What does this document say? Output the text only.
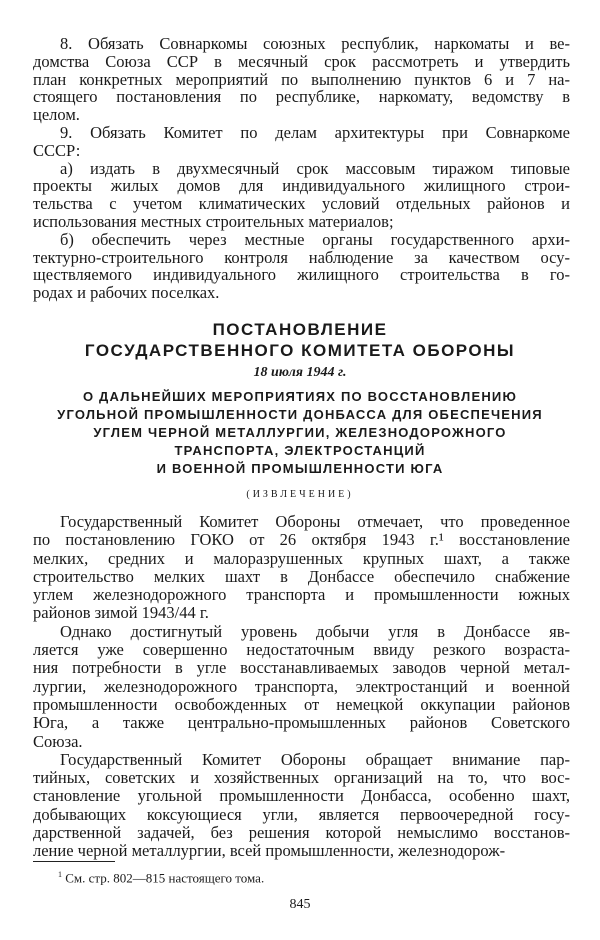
8. Обязать Совнаркомы союзных республик, наркоматы и ве-
домства Союза ССР в месячный срок рассмотреть и утвердить
план конкретных мероприятий по выполнению пунктов 6 и 7 на-
стоящего постановления по республике, наркомату, ведомству в
целом.
9. Обязать Комитет по делам архитектуры при Совнаркоме
СССР:
а) издать в двухмесячный срок массовым тиражом типовые
проекты жилых домов для индивидуального жилищного строи-
тельства с учетом климатических условий отдельных районов и
использования местных строительных материалов;
б) обеспечить через местные органы государственного архи-
тектурно-строительного контроля наблюдение за качеством осу-
ществляемого индивидуального жилищного строительства в го-
родах и рабочих поселках.
ПОСТАНОВЛЕНИЕ
ГОСУДАРСТВЕННОГО КОМИТЕТА ОБОРОНЫ
18 июля 1944 г.
О ДАЛЬНЕЙШИХ МЕРОПРИЯТИЯХ ПО ВОССТАНОВЛЕНИЮ
УГОЛЬНОЙ ПРОМЫШЛЕННОСТИ ДОНБАССА ДЛЯ ОБЕСПЕЧЕНИЯ
УГЛЕМ ЧЕРНОЙ МЕТАЛЛУРГИИ, ЖЕЛЕЗНОДОРОЖНОГО
ТРАНСПОРТА, ЭЛЕКТРОСТАНЦИЙ
И ВОЕННОЙ ПРОМЫШЛЕННОСТИ ЮГА
(ИЗВЛЕЧЕНИЕ)
Государственный Комитет Обороны отмечает, что проведенное
по постановлению ГОКО от 26 октября 1943 г.¹ восстановление
мелких, средних и малоразрушенных крупных шахт, а также
строительство мелких шахт в Донбассе обеспечило снабжение
углем железнодорожного транспорта и промышленности южных
районов зимой 1943/44 г.
Однако достигнутый уровень добычи угля в Донбассе яв-
ляется уже совершенно недостаточным ввиду резкого возраста-
ния потребности в угле восстанавливаемых заводов черной метал-
лургии, железнодорожного транспорта, электростанций и военной
промышленности освобожденных от немецкой оккупации районов
Юга, а также центрально-промышленных районов Советского
Союза.
Государственный Комитет Обороны обращает внимание пар-
тийных, советских и хозяйственных организаций на то, что вос-
становление угольной промышленности Донбасса, особенно шахт,
добывающих коксующиеся угли, является первоочередной госу-
дарственной задачей, без решения которой немыслимо восстанов-
ление черной металлургии, всей промышленности, железнодорож-
$^1$ См. стр. 802—815 настоящего тома.
845
